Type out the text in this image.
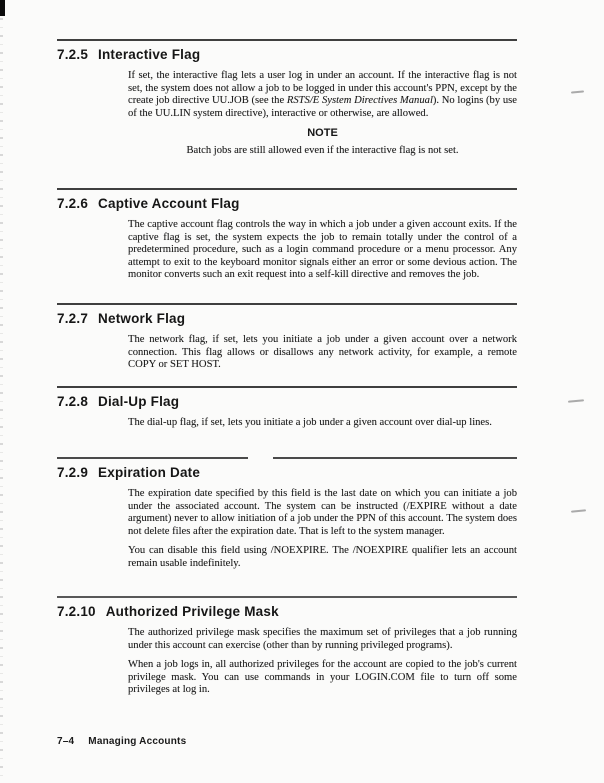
7.2.5 Interactive Flag

If set, the interactive flag lets a user log in under an account. If the interactive flag is not set, the system does not allow a job to be logged in under this account's PPN, except by the create job directive UU.JOB (see the RSTS/E System Directives Manual). No logins (by use of the UU.LIN system directive), interactive or otherwise, are allowed.

NOTE

Batch jobs are still allowed even if the interactive flag is not set.

7.2.6 Captive Account Flag

The captive account flag controls the way in which a job under a given account exits. If the captive flag is set, the system expects the job to remain totally under the control of a predetermined procedure, such as a login command procedure or a menu processor. Any attempt to exit to the keyboard monitor signals either an error or some devious action. The monitor converts such an exit request into a self-kill directive and removes the job.

7.2.7 Network Flag

The network flag, if set, lets you initiate a job under a given account over a network connection. This flag allows or disallows any network activity, for example, a remote COPY or SET HOST.

7.2.8 Dial-Up Flag

The dial-up flag, if set, lets you initiate a job under a given account over dial-up lines.

7.2.9 Expiration Date

The expiration date specified by this field is the last date on which you can initiate a job under the associated account. The system can be instructed (/EXPIRE without a date argument) never to allow initiation of a job under the PPN of this account. The system does not delete files after the expiration date. That is left to the system manager.

You can disable this field using /NOEXPIRE. The /NOEXPIRE qualifier lets an account remain usable indefinitely.

7.2.10 Authorized Privilege Mask

The authorized privilege mask specifies the maximum set of privileges that a job running under this account can exercise (other than by running privileged programs).

When a job logs in, all authorized privileges for the account are copied to the job's current privilege mask. You can use commands in your LOGIN.COM file to turn off some privileges at log in.

7–4 Managing Accounts
